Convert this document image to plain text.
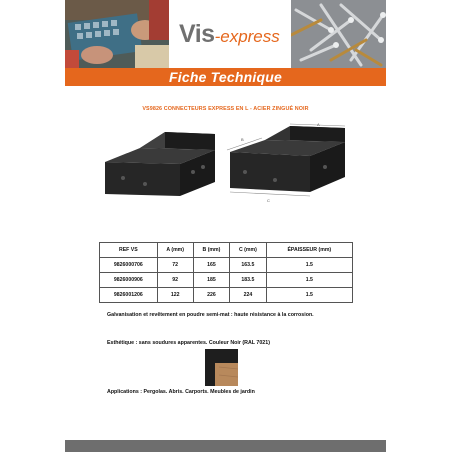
Vis-express
Fiche Technique
VS9826 CONNECTEURS EXPRESS EN L - ACIER ZINGUÉ NOIR
A
B
C
REF VS	A (mm)	B (mm)	C (mm)	ÉPAISSEUR (mm)
9826000706	72	165	163.5	1.5
9826000906	92	185	183.5	1.5
9826001206	122	226	224	1.5
Galvanisation et revêtement en poudre semi-mat : haute résistance à la corrosion.
Esthétique : sans soudures apparentes. Couleur Noir (RAL 7021)
Applications : Pergolas. Abris. Carports. Meubles de jardin
